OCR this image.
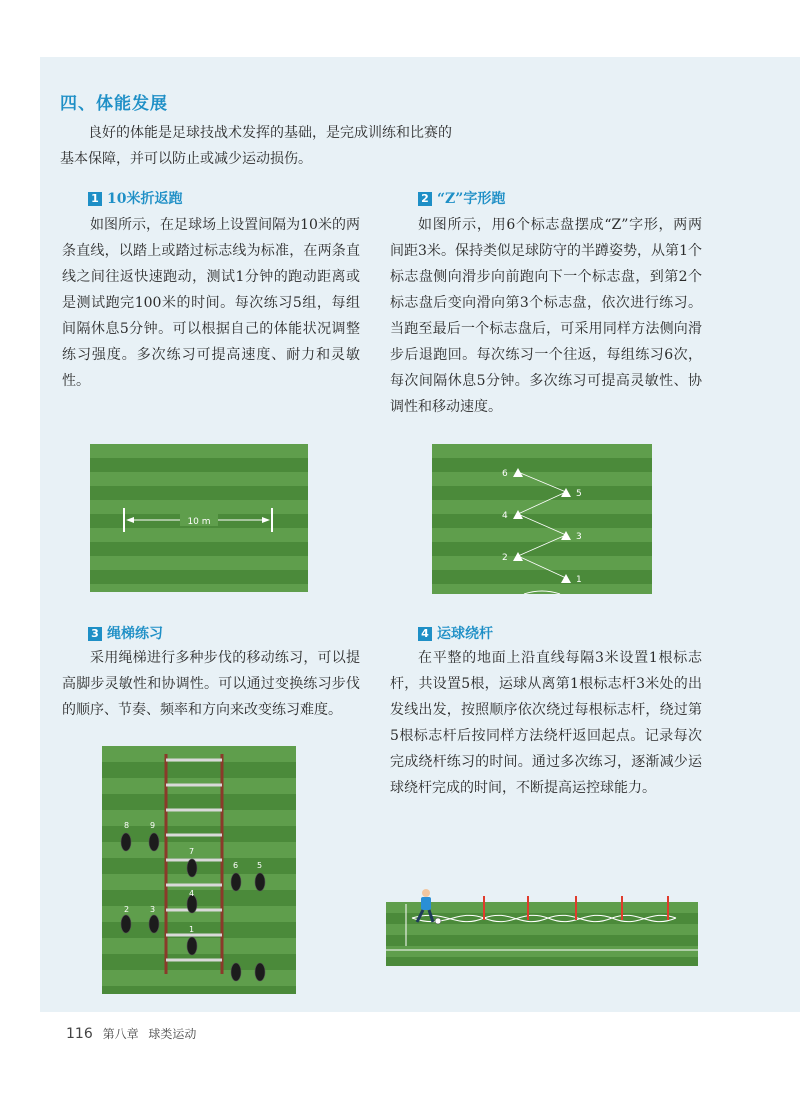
四、体能发展
良好的体能是足球技战术发挥的基础，是完成训练和比赛的
基本保障，并可以防止或减少运动损伤。
1 10米折返跑
如图所示，在足球场上设置间隔为10米的两条直线，以踏上或踏过标志线为标准，在两条直线之间往返快速跑动，测试1分钟的跑动距离或是测试跑完100米的时间。每次练习5组，每组间隔休息5分钟。可以根据自己的体能状况调整练习强度。多次练习可提高速度、耐力和灵敏性。
10 m
2 “Z”字形跑
如图所示，用6个标志盘摆成“Z”字形，两两间距3米。保持类似足球防守的半蹲姿势，从第1个标志盘侧向滑步向前跑向下一个标志盘，到第2个标志盘后变向滑向第3个标志盘，依次进行练习。当跑至最后一个标志盘后，可采用同样方法侧向滑步后退跑回。每次练习一个往返，每组练习6次，每次间隔休息5分钟。多次练习可提高灵敏性、协调性和移动速度。
6
5
4
3
2
1
3 绳梯练习
采用绳梯进行多种步伐的移动练习，可以提高脚步灵敏性和协调性。可以通过变换练习步伐的顺序、节奏、频率和方向来改变练习难度。
8	9
7
6 5
4
2	3
1
4 运球绕杆
在平整的地面上沿直线每隔3米设置1根标志杆，共设置5根，运球从离第1根标志杆3米处的出发线出发，按照顺序依次绕过每根标志杆，绕过第5根标志杆后按同样方法绕杆返回起点。记录每次完成绕杆练习的时间。通过多次练习，逐渐减少运球绕杆完成的时间，不断提高运控球能力。
116 第八章 球类运动
